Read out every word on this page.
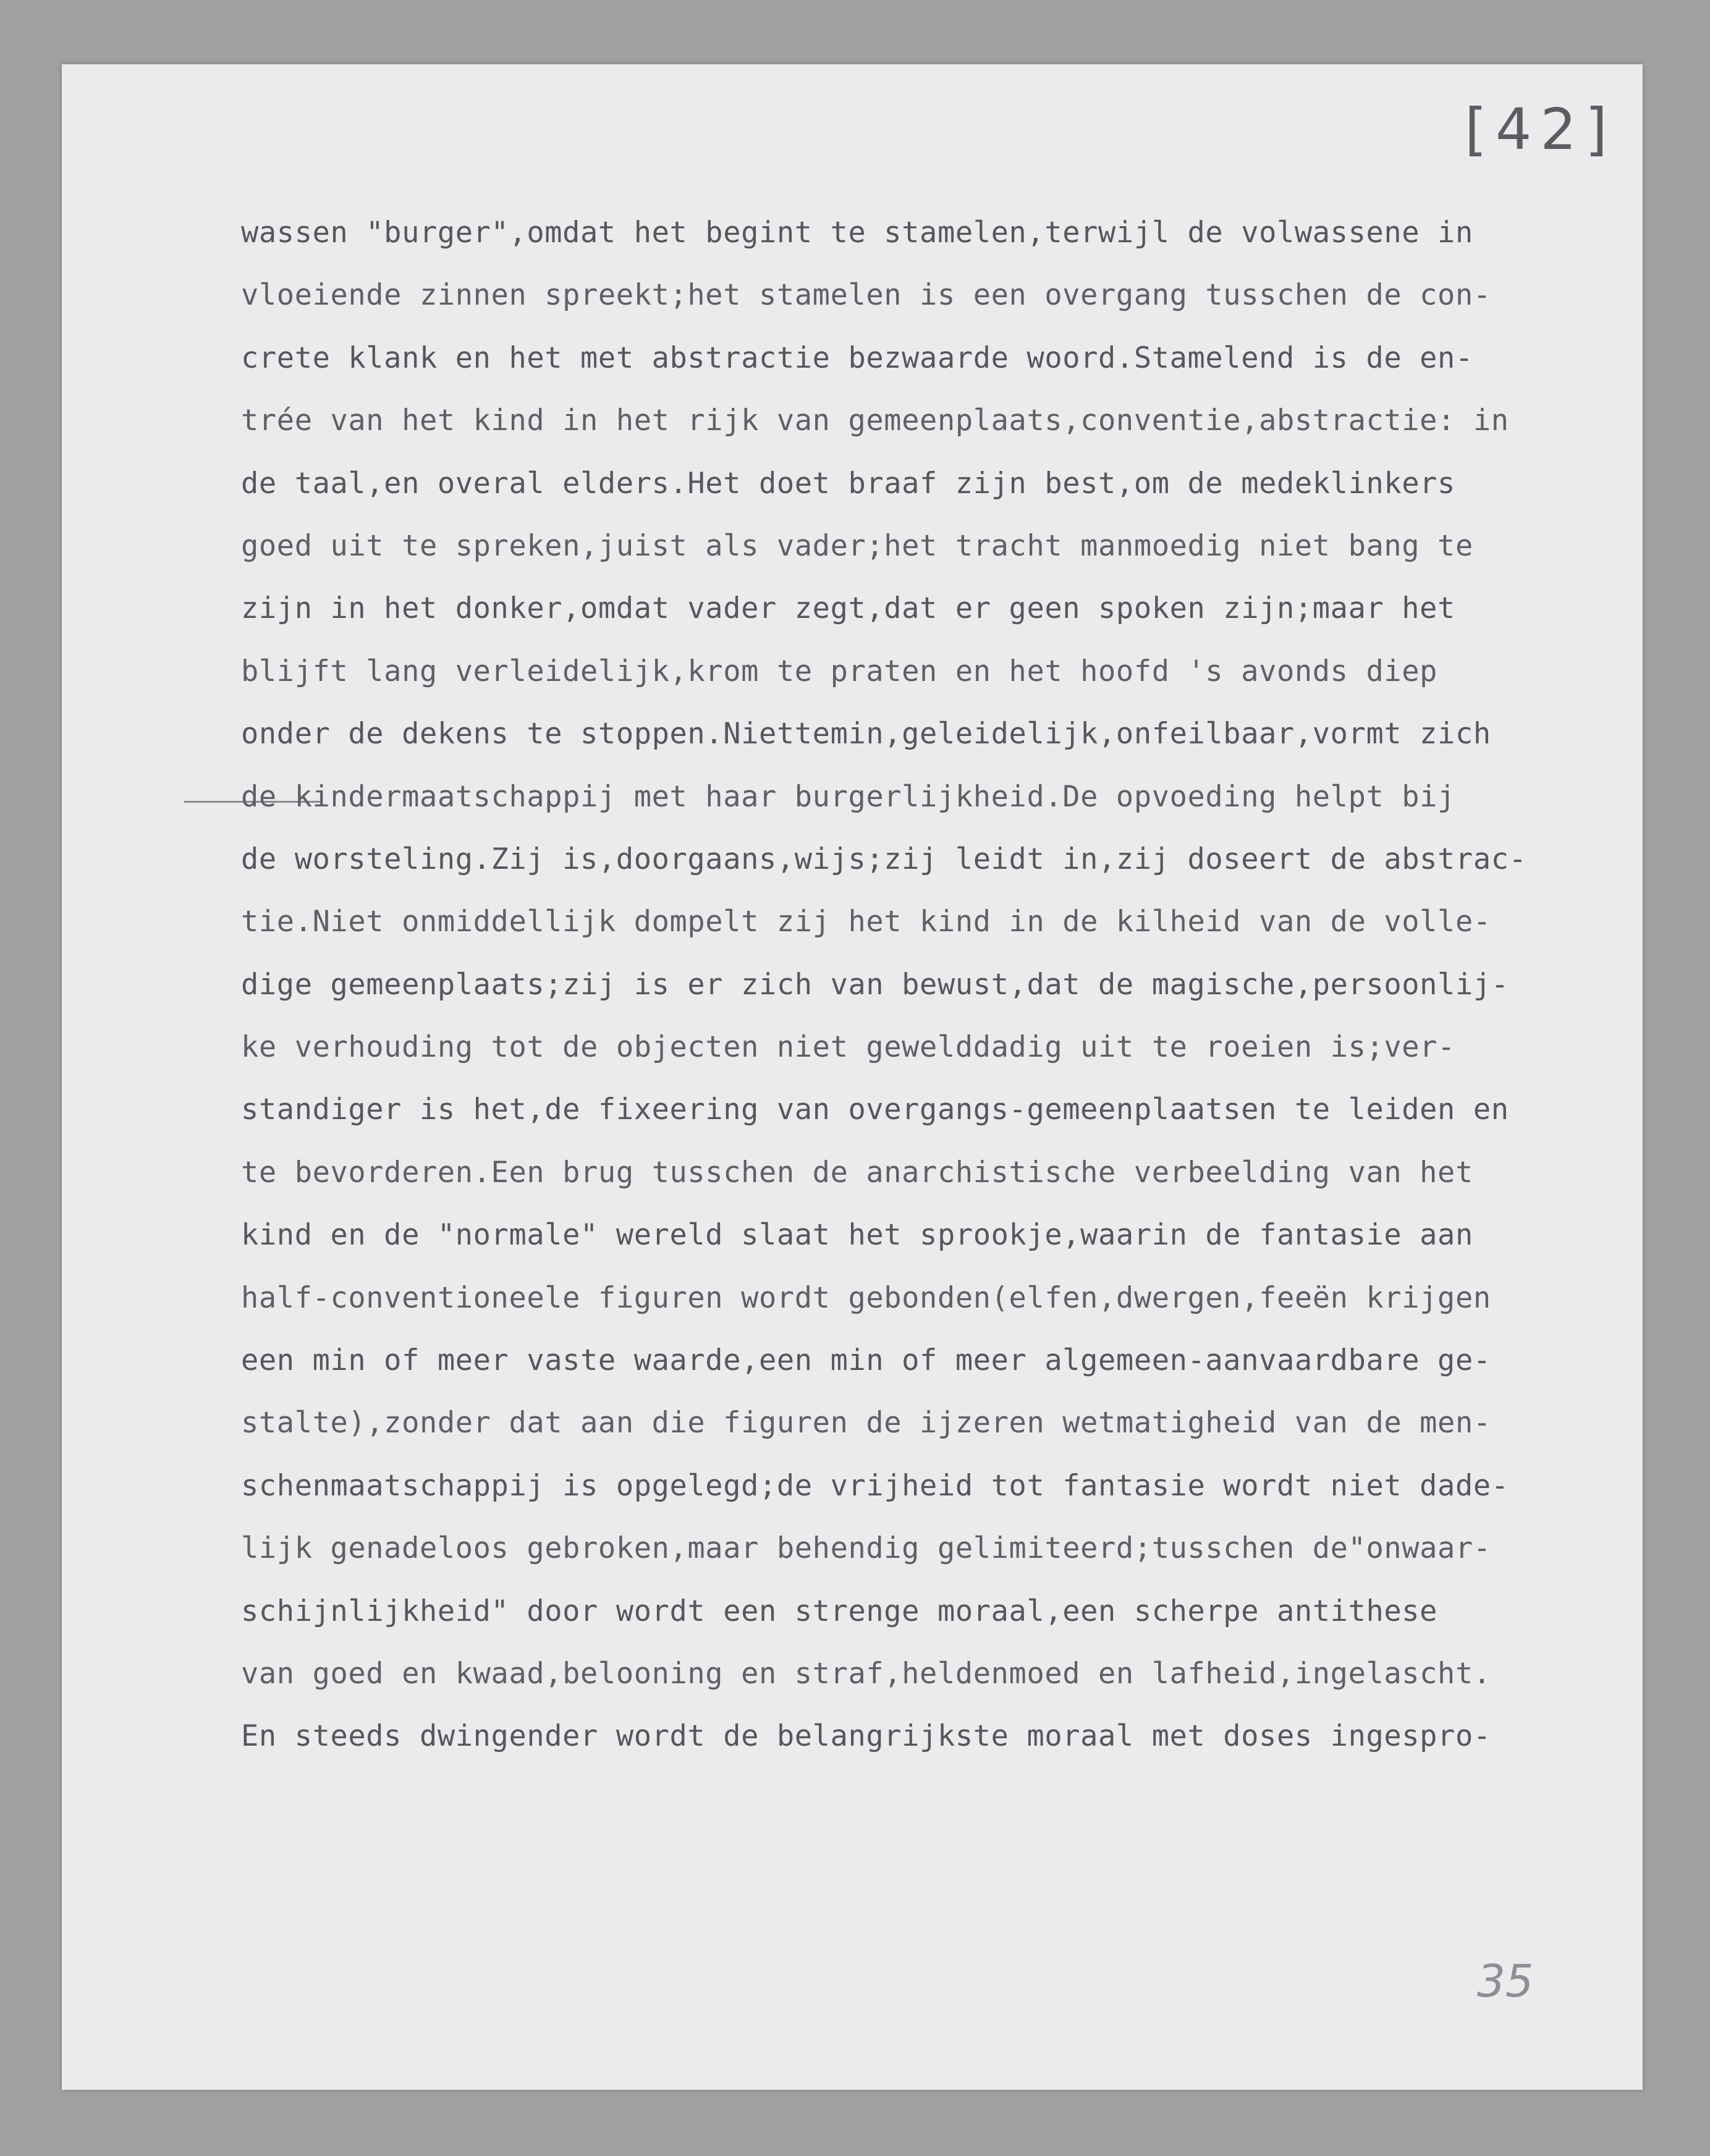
[42]
35
wassen "burger",omdat het begint te stamelen,terwijl de volwassene in
vloeiende zinnen spreekt;het stamelen is een overgang tusschen de con-
crete klank en het met abstractie bezwaarde woord.Stamelend is de en-
trée van het kind in het rijk van gemeenplaats,conventie,abstractie: in
de taal,en overal elders.Het doet braaf zijn best,om de medeklinkers
goed uit te spreken,juist als vader;het tracht manmoedig niet bang te
zijn in het donker,omdat vader zegt,dat er geen spoken zijn;maar het
blijft lang verleidelijk,krom te praten en het hoofd 's avonds diep
onder de dekens te stoppen.Niettemin,geleidelijk,onfeilbaar,vormt zich
de kindermaatschappij met haar burgerlijkheid.De opvoeding helpt bij
de worsteling.Zij is,doorgaans,wijs;zij leidt in,zij doseert de abstrac-
tie.Niet onmiddellijk dompelt zij het kind in de kilheid van de volle-
dige gemeenplaats;zij is er zich van bewust,dat de magische,persoonlij-
ke verhouding tot de objecten niet gewelddadig uit te roeien is;ver-
standiger is het,de fixeering van overgangs-gemeenplaatsen te leiden en
te bevorderen.Een brug tusschen de anarchistische verbeelding van het
kind en de "normale" wereld slaat het sprookje,waarin de fantasie aan
half-conventioneele figuren wordt gebonden(elfen,dwergen,feeën krijgen
een min of meer vaste waarde,een min of meer algemeen-aanvaardbare ge-
stalte),zonder dat aan die figuren de ijzeren wetmatigheid van de men-
schenmaatschappij is opgelegd;de vrijheid tot fantasie wordt niet dade-
lijk genadeloos gebroken,maar behendig gelimiteerd;tusschen de"onwaar-
schijnlijkheid" door wordt een strenge moraal,een scherpe antithese
van goed en kwaad,belooning en straf,heldenmoed en lafheid,ingelascht.
En steeds dwingender wordt de belangrijkste moraal met doses ingespro-
